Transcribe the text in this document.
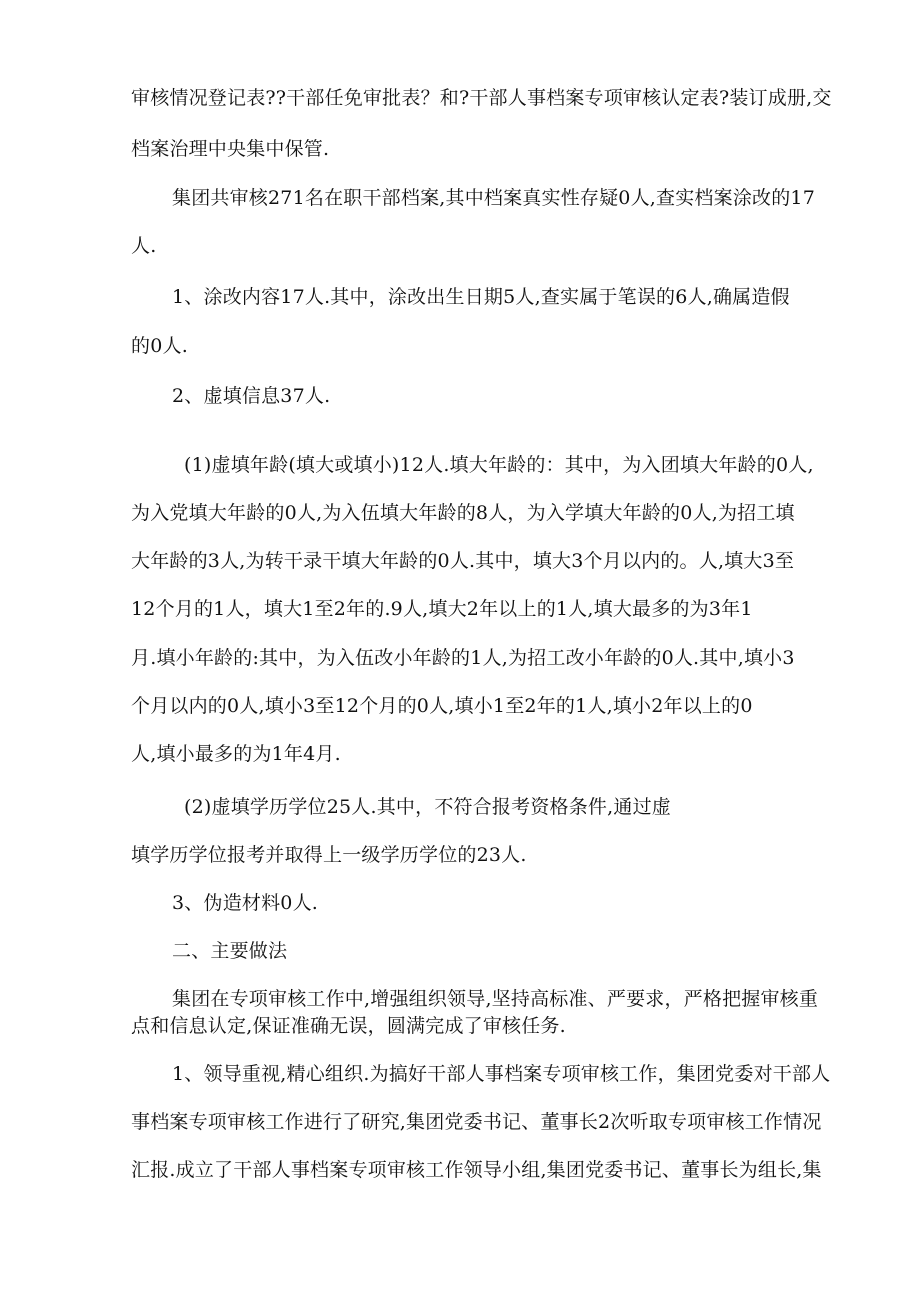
审核情况登记表??干部任免审批表？和?干部人事档案专项审核认定表?装订成册,交

档案治理中央集中保管.

集团共审核271名在职干部档案,其中档案真实性存疑0人,查实档案涂改的17

人.

1、涂改内容17人.其中，涂改出生日期5人,查实属于笔误的6人,确属造假

的0人.

2、虚填信息37人.

(1)虚填年龄(填大或填小)12人.填大年龄的：其中，为入团填大年龄的0人,

为入党填大年龄的0人,为入伍填大年龄的8人，为入学填大年龄的0人,为招工填

大年龄的3人,为转干录干填大年龄的0人.其中，填大3个月以内的。人,填大3至

12个月的1人，填大1至2年的.9人,填大2年以上的1人,填大最多的为3年1

月.填小年龄的:其中，为入伍改小年龄的1人,为招工改小年龄的0人.其中,填小3

个月以内的0人,填小3至12个月的0人,填小1至2年的1人,填小2年以上的0

人,填小最多的为1年4月.

(2)虚填学历学位25人.其中，不符合报考资格条件,通过虚

填学历学位报考并取得上一级学历学位的23人.

3、伪造材料0人.

二、主要做法

集团在专项审核工作中,增强组织领导,坚持高标准、严要求，严格把握审核重

点和信息认定,保证准确无误，圆满完成了审核任务.

1、领导重视,精心组织.为搞好干部人事档案专项审核工作，集团党委对干部人

事档案专项审核工作进行了研究,集团党委书记、董事长2次听取专项审核工作情况

汇报.成立了干部人事档案专项审核工作领导小组,集团党委书记、董事长为组长,集
